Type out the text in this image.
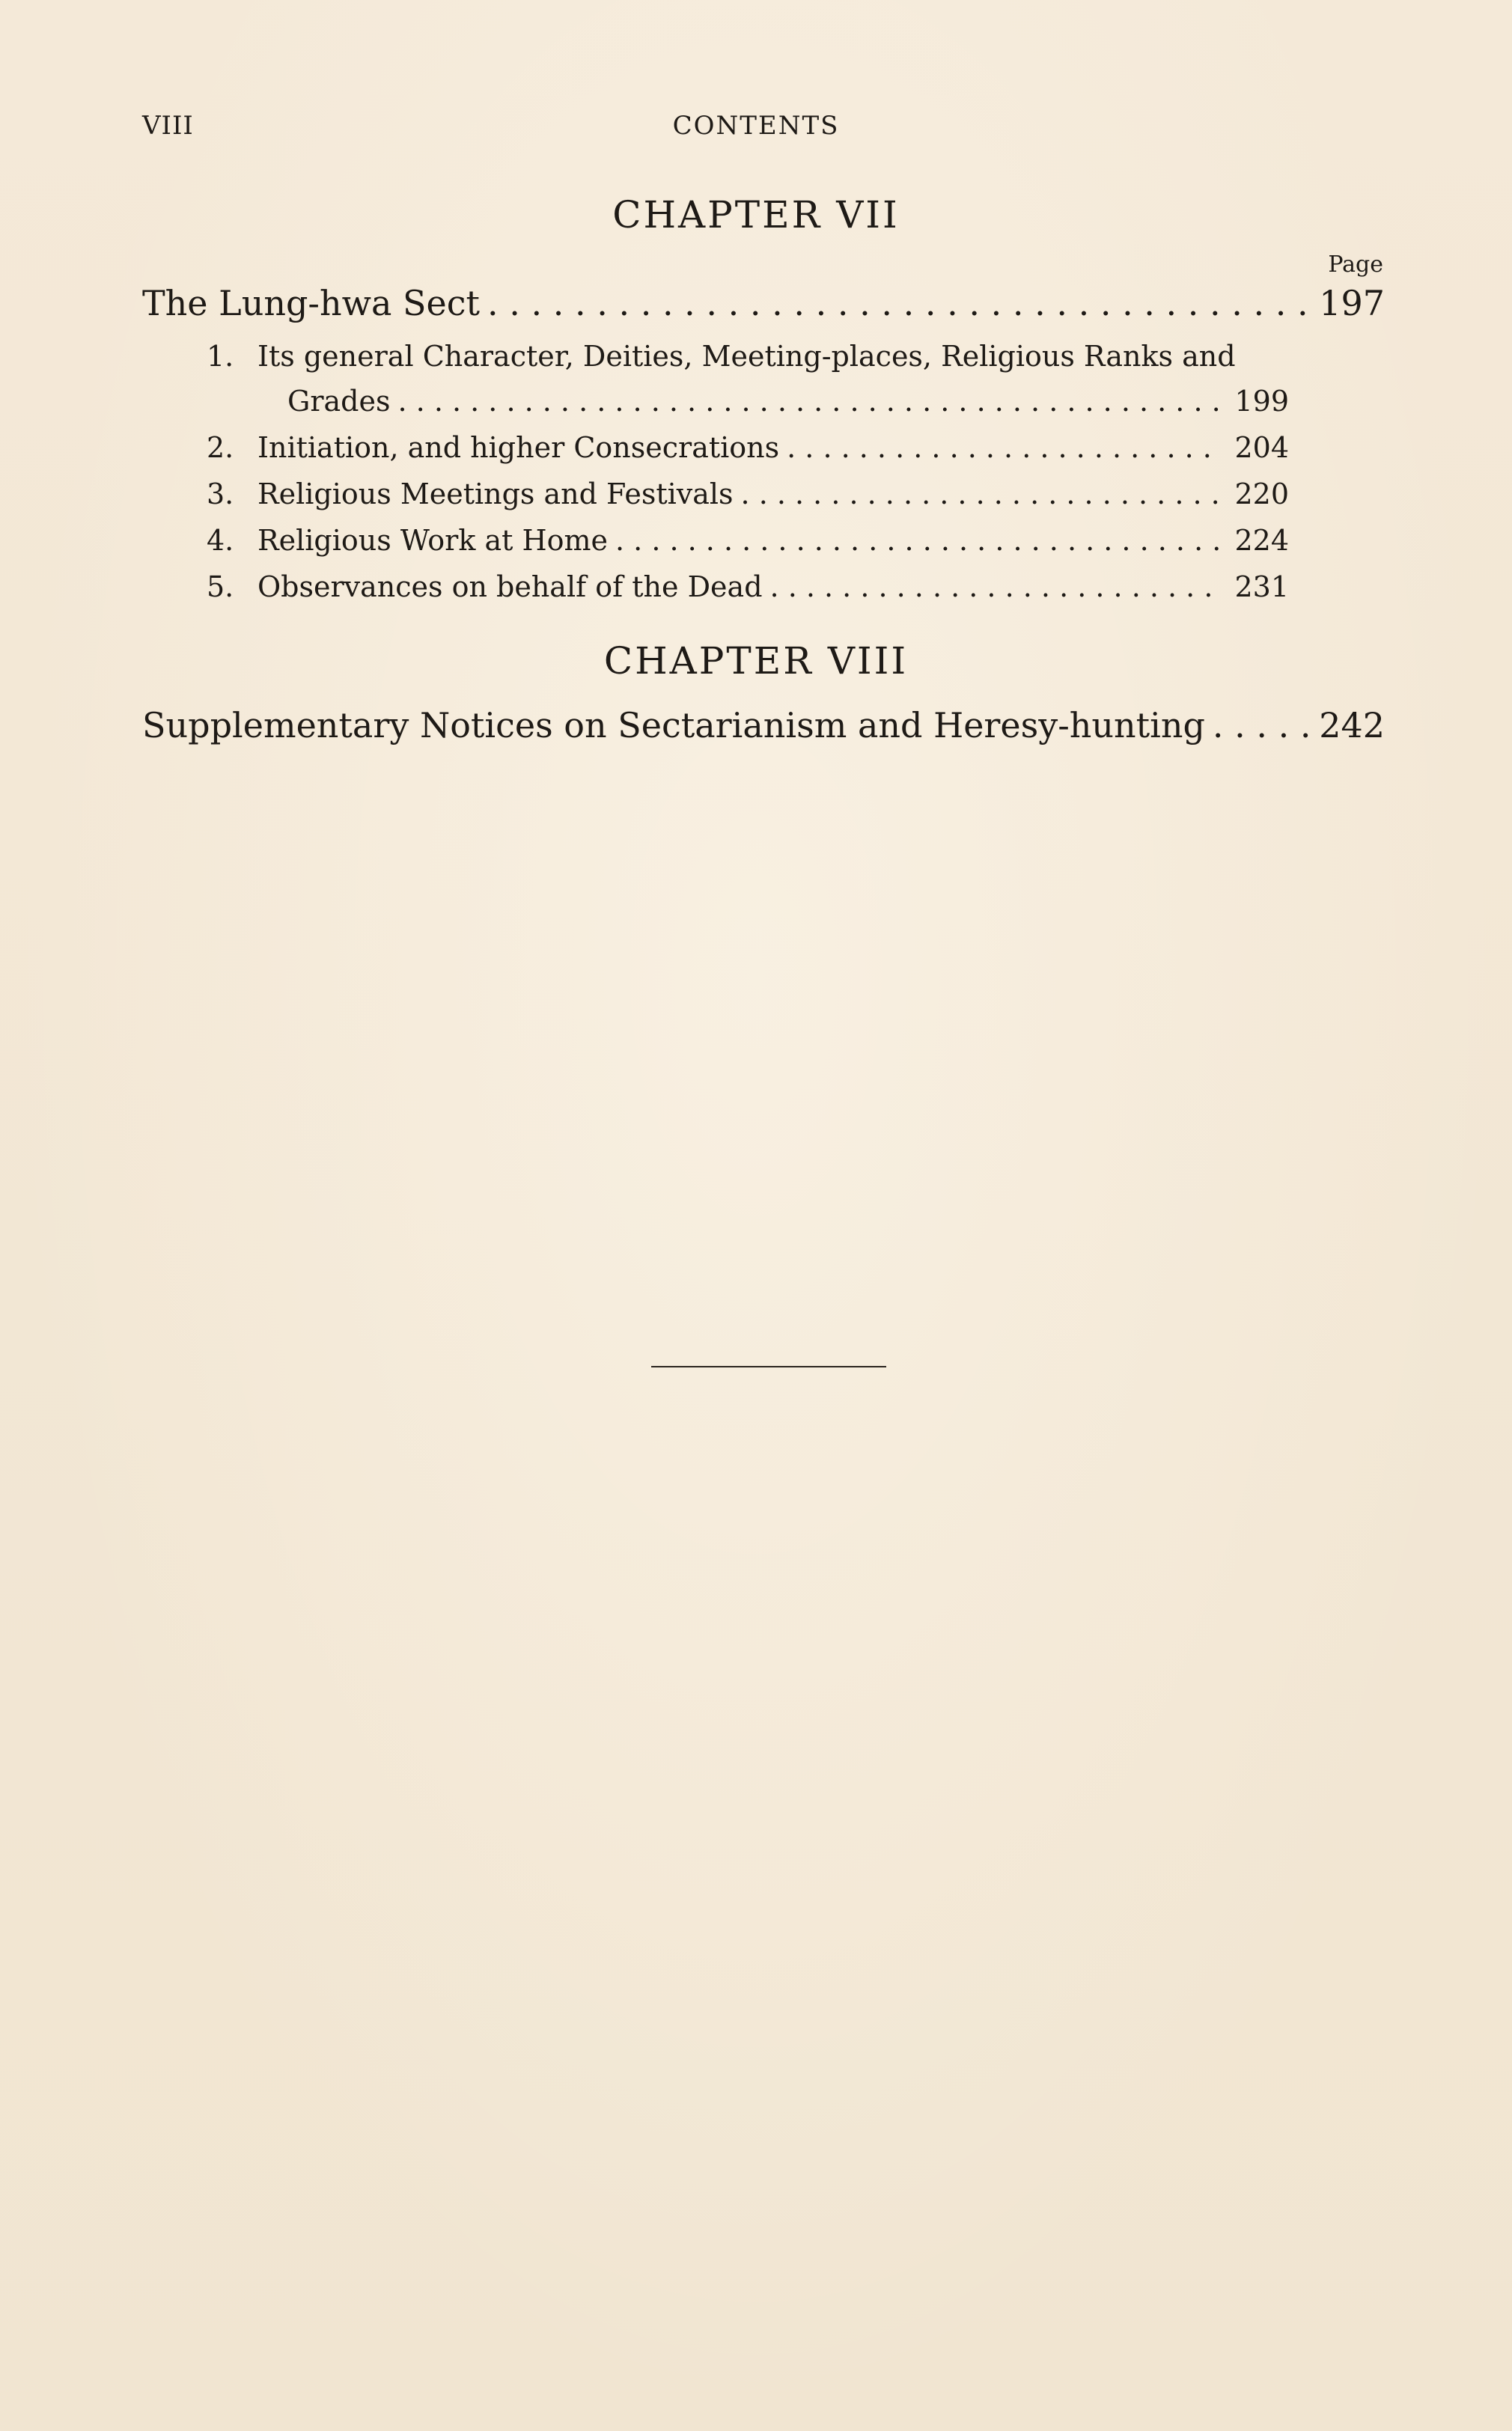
VIII	CONTENTS
CHAPTER VII
Page
The Lung-hwa Sect . . .	197
1. Its general Character, Deities, Meeting-places, Religious Ranks and
Grades . . .	199
2. Initiation, and higher Consecrations . . .	204
3. Religious Meetings and Festivals . . .	220
4. Religious Work at Home . . .	224
5. Observances on behalf of the Dead . . .	231
CHAPTER VIII
Supplementary Notices on Sectarianism and Heresy-hunting . . .	242
